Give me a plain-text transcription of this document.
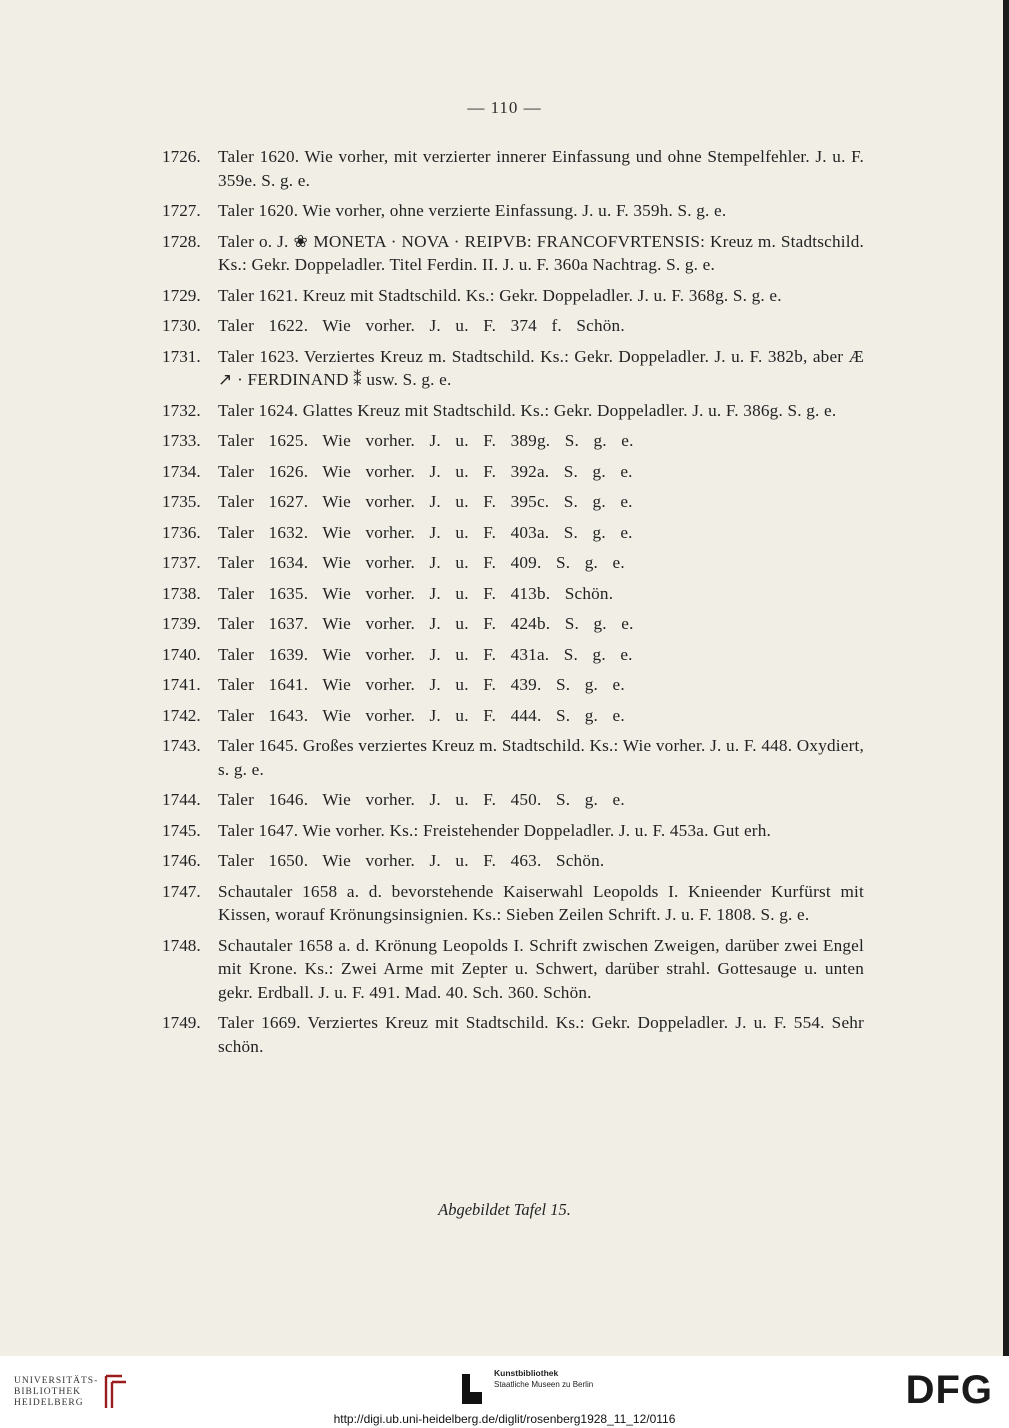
— 110 —
1726.	Taler 1620. Wie vorher, mit verzierter innerer Einfassung und ohne Stempelfehler. J. u. F. 359e. S. g. e.
1727.	Taler 1620. Wie vorher, ohne verzierte Einfassung. J. u. F. 359h. S. g. e.
1728.	Taler o. J. ❀ MONETA · NOVA · REIPVB: FRANCOFVRTENSIS: Kreuz m. Stadtschild. Ks.: Gekr. Doppeladler. Titel Ferdin. II. J. u. F. 360a Nachtrag. S. g. e.
1729.	Taler 1621. Kreuz mit Stadtschild. Ks.: Gekr. Doppeladler. J. u. F. 368g. S. g. e.
1730.	Taler 1622. Wie vorher. J. u. F. 374 f. Schön.
1731.	Taler 1623. Verziertes Kreuz m. Stadtschild. Ks.: Gekr. Doppeladler. J. u. F. 382b, aber Æ ↗ · FERDINAND ⁑ usw. S. g. e.
1732.	Taler 1624. Glattes Kreuz mit Stadtschild. Ks.: Gekr. Doppeladler. J. u. F. 386g. S. g. e.
1733.	Taler 1625. Wie vorher. J. u. F. 389g. S. g. e.
1734.	Taler 1626. Wie vorher. J. u. F. 392a. S. g. e.
1735.	Taler 1627. Wie vorher. J. u. F. 395c. S. g. e.
1736.	Taler 1632. Wie vorher. J. u. F. 403a. S. g. e.
1737.	Taler 1634. Wie vorher. J. u. F. 409. S. g. e.
1738.	Taler 1635. Wie vorher. J. u. F. 413b. Schön.
1739.	Taler 1637. Wie vorher. J. u. F. 424b. S. g. e.
1740.	Taler 1639. Wie vorher. J. u. F. 431a. S. g. e.
1741.	Taler 1641. Wie vorher. J. u. F. 439. S. g. e.
1742.	Taler 1643. Wie vorher. J. u. F. 444. S. g. e.
1743.	Taler 1645. Großes verziertes Kreuz m. Stadtschild. Ks.: Wie vorher. J. u. F. 448. Oxydiert, s. g. e.
1744.	Taler 1646. Wie vorher. J. u. F. 450. S. g. e.
1745.	Taler 1647. Wie vorher. Ks.: Freistehender Doppeladler. J. u. F. 453a. Gut erh.
1746.	Taler 1650. Wie vorher. J. u. F. 463. Schön.
1747.	Schautaler 1658 a. d. bevorstehende Kaiserwahl Leopolds I. Knieender Kurfürst mit Kissen, worauf Krönungsinsignien. Ks.: Sieben Zeilen Schrift. J. u. F. 1808. S. g. e.
1748.	Schautaler 1658 a. d. Krönung Leopolds I. Schrift zwischen Zweigen, darüber zwei Engel mit Krone. Ks.: Zwei Arme mit Zepter u. Schwert, darüber strahl. Gottesauge u. unten gekr. Erdball. J. u. F. 491. Mad. 40. Sch. 360. Schön.
1749.	Taler 1669. Verziertes Kreuz mit Stadtschild. Ks.: Gekr. Doppeladler. J. u. F. 554. Sehr schön.
Abgebildet Tafel 15.
UNIVERSITÄTS-
BIBLIOTHEK
HEIDELBERG
Kunstbibliothek
Staatliche Museen zu Berlin	DFG
http://digi.ub.uni-heidelberg.de/diglit/rosenberg1928_11_12/0116
